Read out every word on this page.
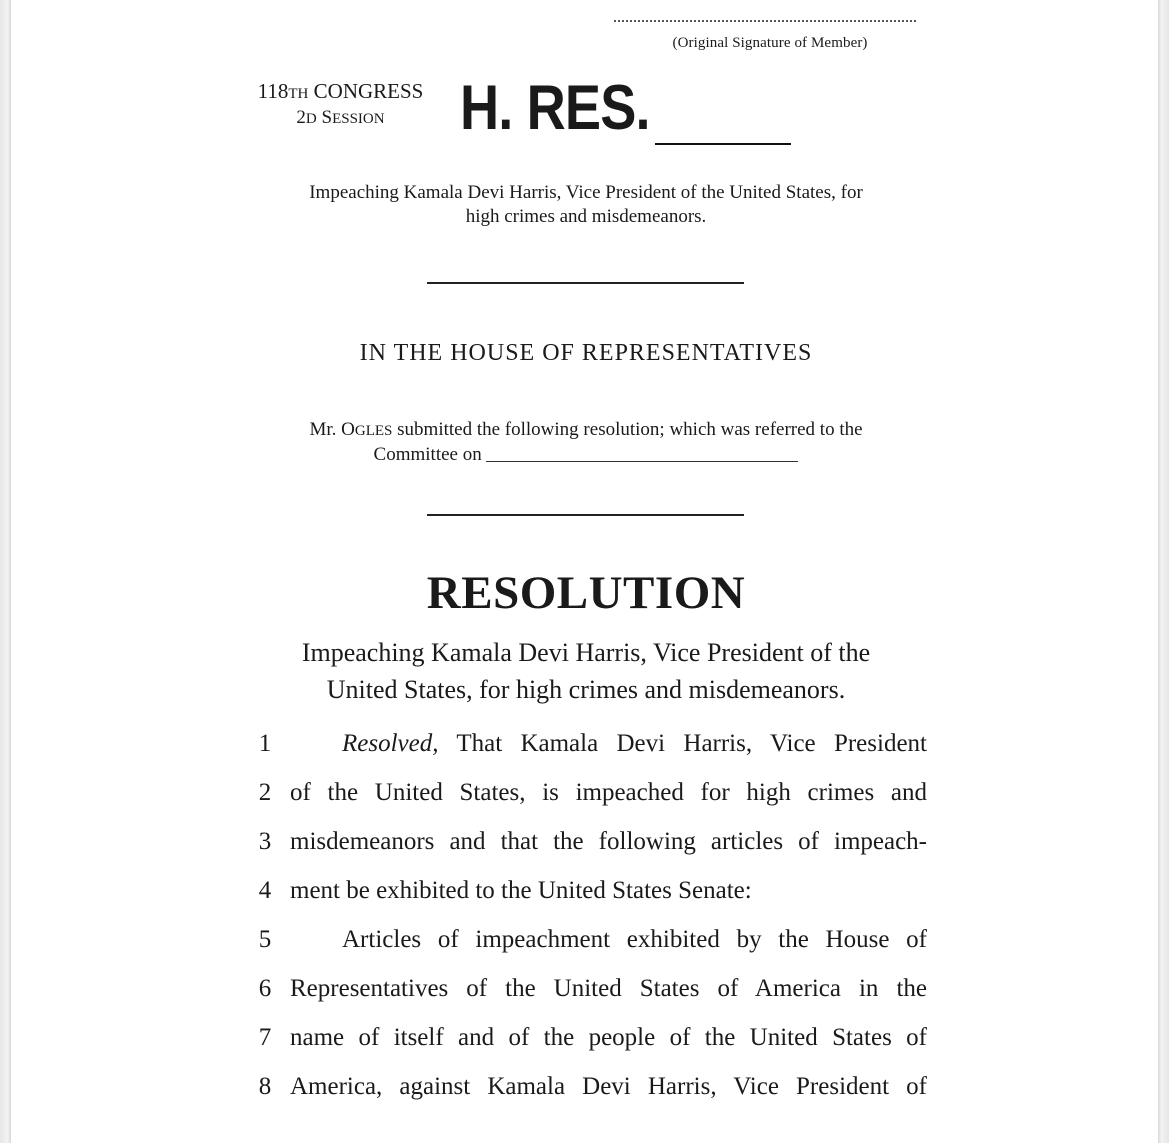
(Original Signature of Member)
118TH CONGRESS
2D SESSION	H. RES.
Impeaching Kamala Devi Harris, Vice President of the United States, for
high crimes and misdemeanors.
IN THE HOUSE OF REPRESENTATIVES
Mr. OGLES submitted the following resolution; which was referred to the
Committee on
RESOLUTION
Impeaching Kamala Devi Harris, Vice President of the
United States, for high crimes and misdemeanors.
1	Resolved, That Kamala Devi Harris, Vice President
2 of the United States, is impeached for high crimes and
3 misdemeanors and that the following articles of impeach-
4 ment be exhibited to the United States Senate:
5	Articles of impeachment exhibited by the House of
6 Representatives of the United States of America in the
7 name of itself and of the people of the United States of
8 America, against Kamala Devi Harris, Vice President of
